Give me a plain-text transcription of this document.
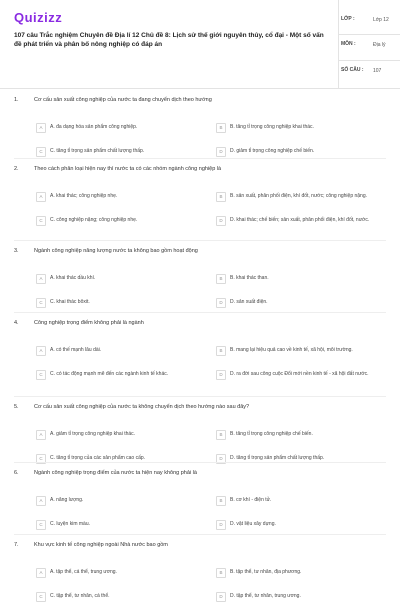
Quizizz
107 câu Trắc nghiệm Chuyên đề Địa lí 12 Chủ đề 8: Lịch sử thế giới nguyên thủy, cổ đại - Một số vấn đề phát triển và phân bố nông nghiệp có đáp án
LỚP :	Lớp 12
MÔN :	Địa lý
SỐ CÂU : 107
1.	Cơ cấu sản xuất công nghiệp của nước ta đang chuyển dịch theo hướng
A	A. đa dạng hóa sản phẩm công nghiệp.	B	B. tăng tỉ trọng công nghiệp khai thác.
C	C. tăng tỉ trọng sản phẩm chất lượng thấp.	D	D. giảm tỉ trọng công nghiệp chế biến.
2.	Theo cách phân loại hiện nay thì nước ta có các nhóm ngành công nghiệp là
A	A. khai thác; công nghiệp nhẹ.	B	B. sản xuất, phân phối điện, khí đốt, nước; công nghiệp nặng.
C	C. công nghiệp nặng; công nghiệp nhẹ.	D	D. khai thác; chế biến; sản xuất, phân phối điện, khí đốt, nước.
3.	Ngành công nghiệp năng lượng nước ta không bao gồm hoạt động
A	A. khai thác dầu khí.	B	B. khai thác than.
C	C. khai thác bôxit.	D	D. sản xuất điện.
4.	Công nghiệp trọng điểm không phải là ngành
A	A. có thế mạnh lâu dài.	B	B. mang lại hiệu quả cao về kinh tế, xã hội, môi trường.
C	C. có tác động mạnh mẽ đến các ngành kinh tế khác.	D	D. ra đời sau công cuộc Đổi mới nền kinh tế - xã hội đất nước.
5.	Cơ cấu sản xuất công nghiệp của nước ta không chuyển dịch theo hướng nào sau đây?
A	A. giảm tỉ trọng công nghiệp khai thác.	B	B. tăng tỉ trọng công nghiệp chế biến.
C	C. tăng tỉ trọng của các sản phẩm cao cấp.	D	D. tăng tỉ trọng sản phẩm chất lượng thấp.
6.	Ngành công nghiệp trọng điểm của nước ta hiện nay không phải là
A	A. năng lượng.	B	B. cơ khí - điện tử.
C	C. luyện kim màu.	D	D. vật liệu xây dựng.
7.	Khu vực kinh tế công nghiệp ngoài Nhà nước bao gồm
A	A. tập thể, cá thể, trung ương.	B	B. tập thể, tư nhân, địa phương.
C	C. tập thể, tư nhân, cá thể.	D	D. tập thể, tư nhân, trung ương.
